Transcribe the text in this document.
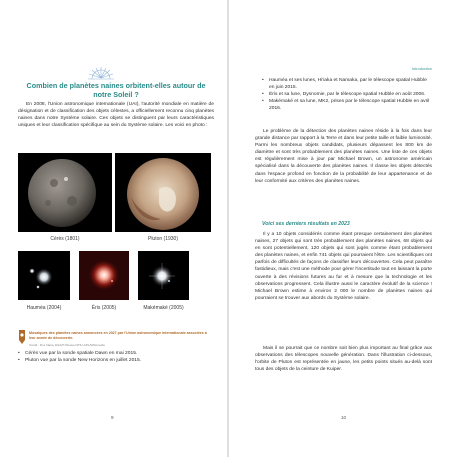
Combien de planètes naines orbitent-elles autour de notre Soleil ?
En 2008, l'Union astronomique internationale (UAI), l'autorité mondiale en matière de désignation et de classification des objets célestes, a officiellement reconnu cinq planètes naines dans notre Système solaire. Ces objets se distinguent par leurs caractéristiques uniques et leur classification spécifique au sein du Système solaire. Les voici en photo :
Cérès (1801)	Pluton (1930)
Hauméa (2004)	Éris (2005)	Makémaké (2005)
Mosaïques des planètes naines annoncées en 2027 par l'Union astronomique internationale associées à leur année de découverte.
Crédit : Doc Nasa, ESA/H.Weaver/JHU-APL/Wikimedia
• Cérès vue par la sonde spatiale Dawn en mai 2015.
• Pluton vue par la sonde New Horizons en juillet 2015.
9
Introduction
• Hauméa et ses lunes, Hi'iaka et Namaka, par le télescope spatial Hubble en juin 2015.
• Éris et sa lune, Dysnomie, par le télescope spatial Hubble en août 2006.
• Makémaké et sa lune, MK2, prises par le télescope spatial Hubble en avril 2016.
Le problème de la détection des planètes naines réside à la fois dans leur grande distance par rapport à la Terre et dans leur petite taille et faible luminosité. Parmi les nombreux objets candidats, plusieurs dépassent les 800 km de diamètre et sont très probablement des planètes naines. Une liste de ces objets est régulièrement mise à jour par Michael Brown, un astronome américain spécialisé dans la découverte des planètes naines. Il classe les objets détectés dans l'espace profond en fonction de la probabilité de leur appartenance et de leur conformité aux critères des planètes naines.
Voici ses derniers résultats en 2023
Il y a 10 objets considérés comme étant presque certainement des planètes naines, 27 objets qui sont très probablement des planètes naines, 68 objets qui en sont potentiellement, 120 objets qui sont jugés comme étant probablement des planètes naines, et enfin 741 objets qui pourraient l'être. Les scientifiques ont parfois de difficultés de façons de classifier leurs découvertes. Cela peut paraître fastidieux, mais c'est une méthode pour gérer l'incertitude tout en laissant la porte ouverte à des révisions futures au fur et à mesure que la technologie et les observations progressent. Cela illustre aussi le caractère évolutif de la science ! Michael Brown estime à environ 2 000 le nombre de planètes naines qui pourraient se trouver aux abords du Système solaire.
Mais il se pourrait que ce nombre soit bien plus important au final grâce aux observations des télescopes nouvelle génération. Dans l'illustration ci-dessous, l'orbite de Pluton est représentée en jaune, les petits points situés au-delà sont tous des objets de la ceinture de Kuiper.
10
